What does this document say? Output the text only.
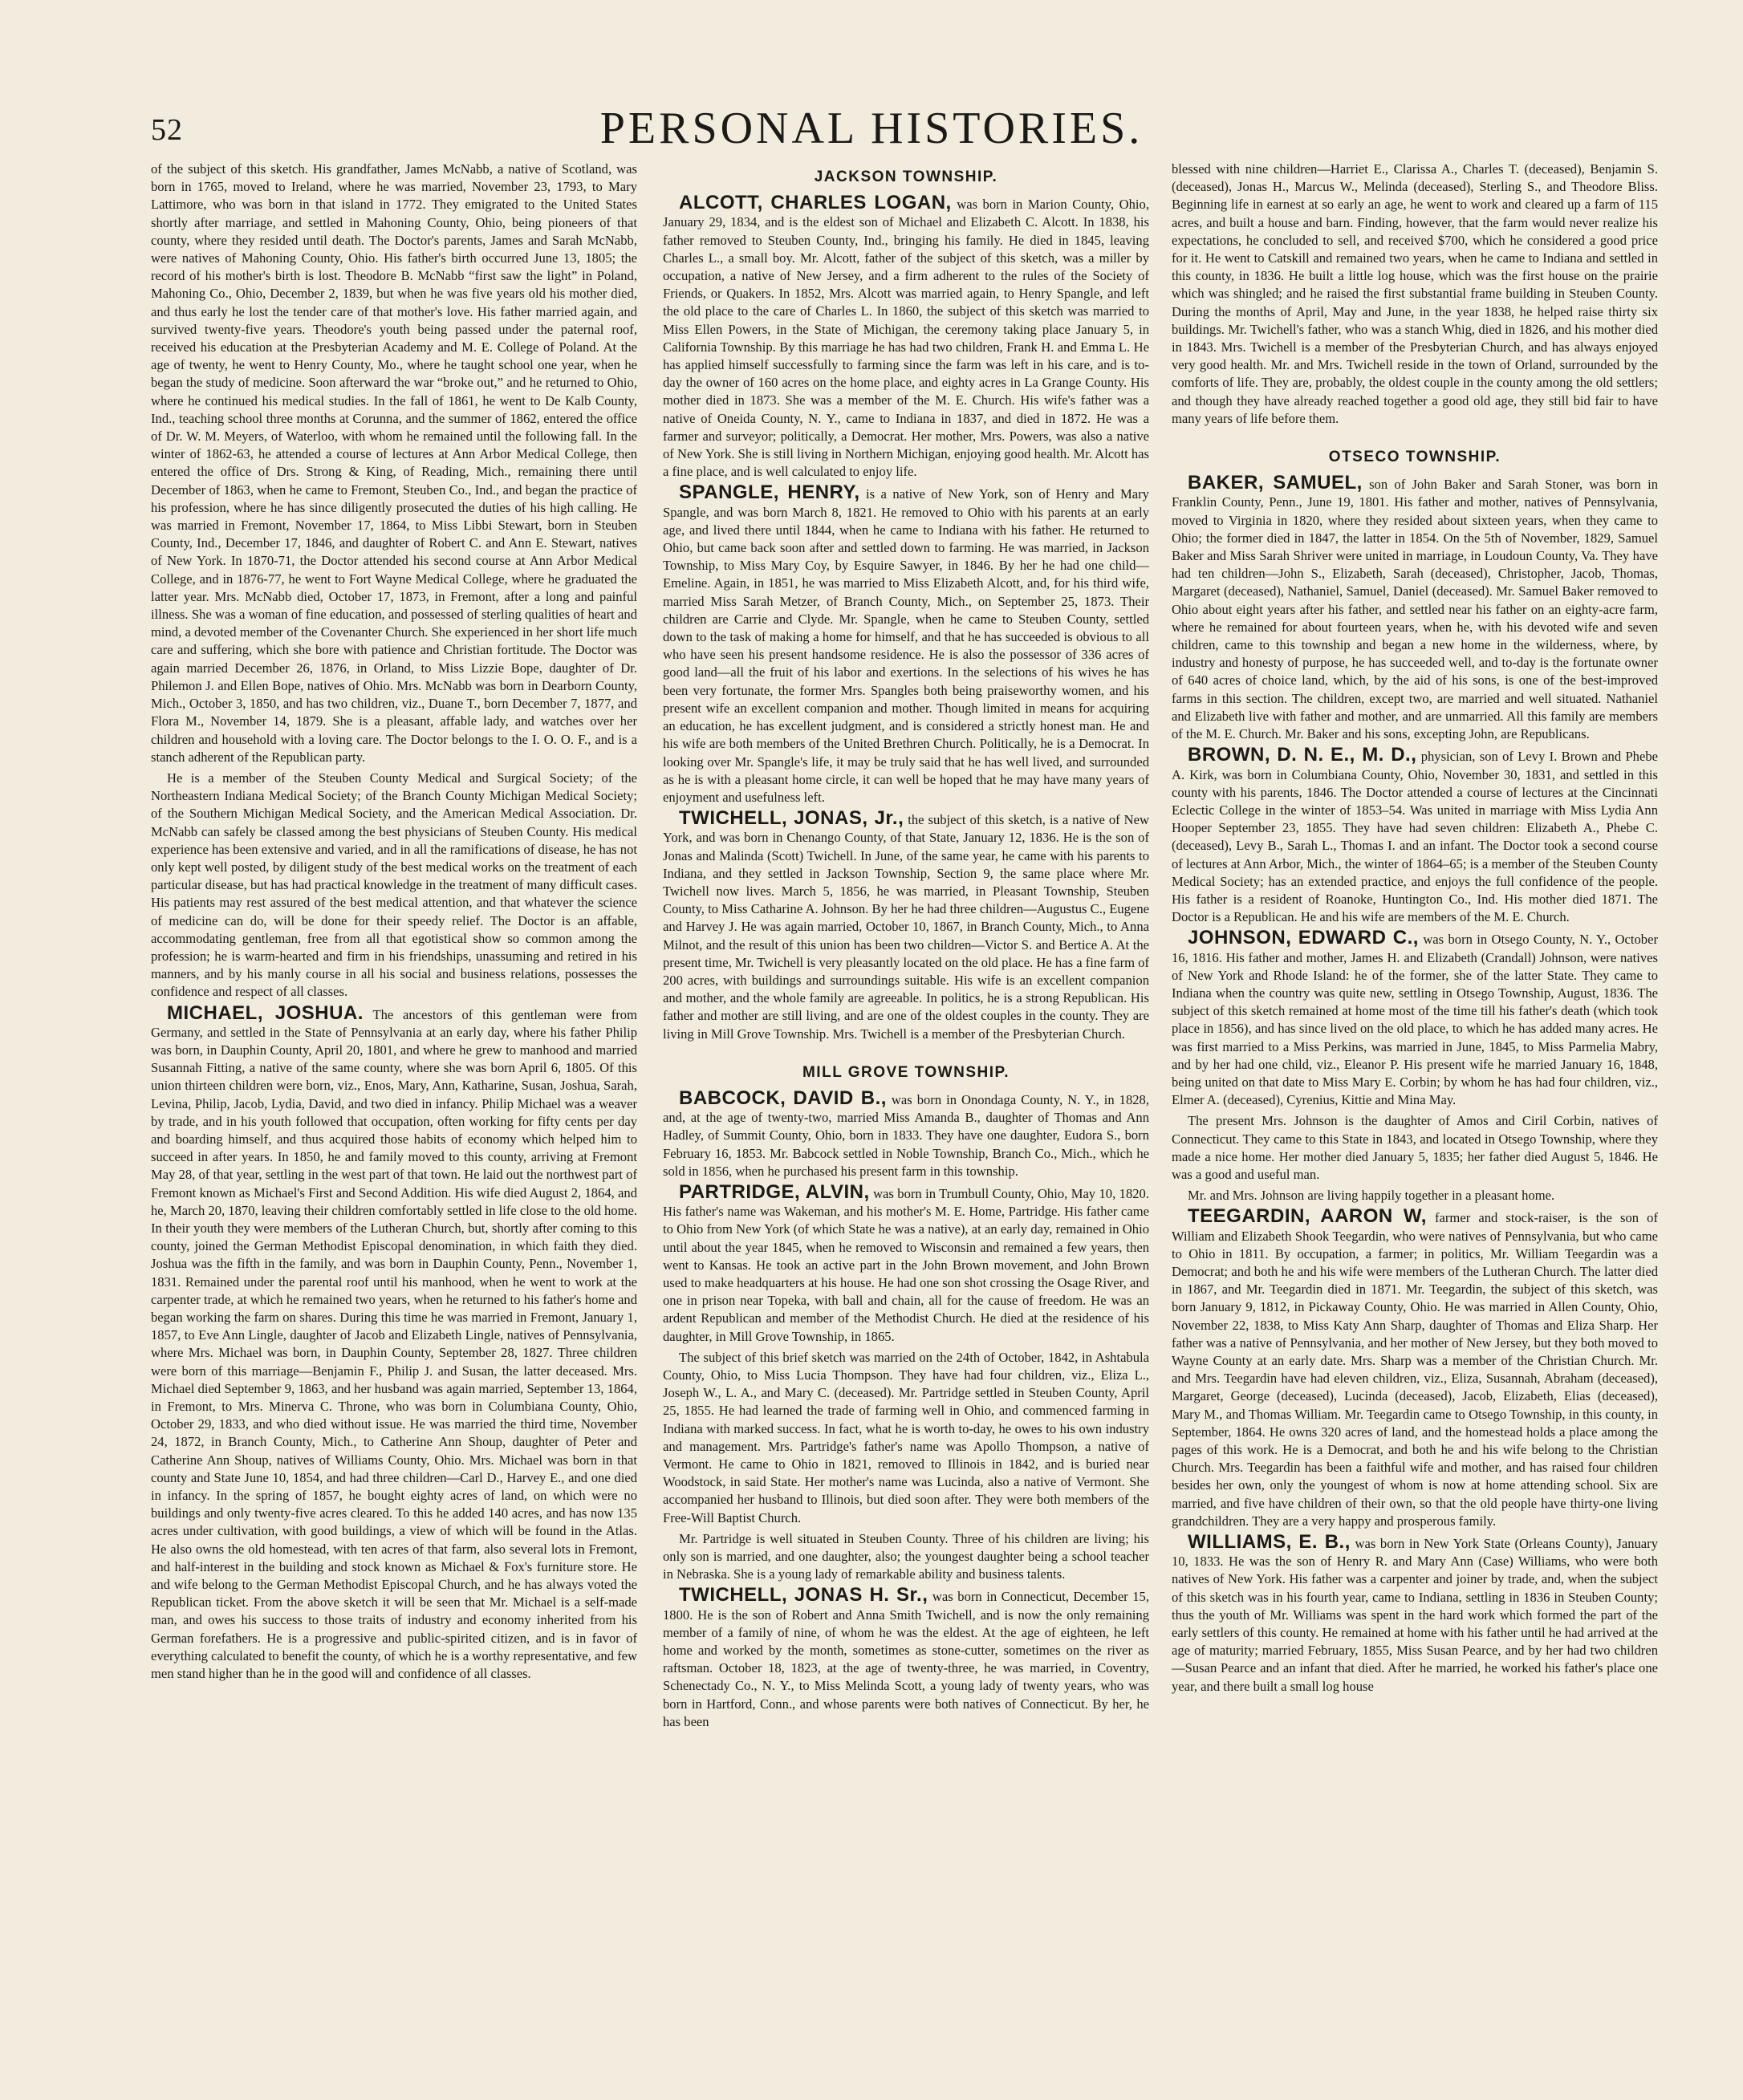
52	PERSONAL HISTORIES.

of the subject of this sketch. His grandfather, James McNabb, a native of Scotland, was born in 1765, moved to Ireland, where he was married, November 23, 1793, to Mary Lattimore, who was born in that island in 1772. They emigrated to the United States shortly after marriage, and settled in Mahoning County, Ohio, being pioneers of that county, where they resided until death. The Doctor's parents, James and Sarah McNabb, were natives of Mahoning County, Ohio. His father's birth occurred June 13, 1805; the record of his mother's birth is lost. Theodore B. McNabb “first saw the light” in Poland, Mahoning Co., Ohio, December 2, 1839, but when he was five years old his mother died, and thus early he lost the tender care of that mother's love. His father married again, and survived twenty-five years. Theodore's youth being passed under the paternal roof, received his education at the Presbyterian Academy and M. E. College of Poland. At the age of twenty, he went to Henry County, Mo., where he taught school one year, when he began the study of medicine. Soon afterward the war “broke out,” and he returned to Ohio, where he continued his medical studies. In the fall of 1861, he went to De Kalb County, Ind., teaching school three months at Corunna, and the summer of 1862, entered the office of Dr. W. M. Meyers, of Waterloo, with whom he remained until the following fall. In the winter of 1862-63, he attended a course of lectures at Ann Arbor Medical College, then entered the office of Drs. Strong & King, of Reading, Mich., remaining there until December of 1863, when he came to Fremont, Steuben Co., Ind., and began the practice of his profession, where he has since diligently prosecuted the duties of his high calling. He was married in Fremont, November 17, 1864, to Miss Libbi Stewart, born in Steuben County, Ind., December 17, 1846, and daughter of Robert C. and Ann E. Stewart, natives of New York. In 1870-71, the Doctor attended his second course at Ann Arbor Medical College, and in 1876-77, he went to Fort Wayne Medical College, where he graduated the latter year. Mrs. McNabb died, October 17, 1873, in Fremont, after a long and painful illness. She was a woman of fine education, and possessed of sterling qualities of heart and mind, a devoted member of the Covenanter Church. She experienced in her short life much care and suffering, which she bore with patience and Christian fortitude. The Doctor was again married December 26, 1876, in Orland, to Miss Lizzie Bope, daughter of Dr. Philemon J. and Ellen Bope, natives of Ohio. Mrs. McNabb was born in Dearborn County, Mich., October 3, 1850, and has two children, viz., Duane T., born December 7, 1877, and Flora M., November 14, 1879. She is a pleasant, affable lady, and watches over her children and household with a loving care. The Doctor belongs to the I. O. O. F., and is a stanch adherent of the Republican party.

He is a member of the Steuben County Medical and Surgical Society; of the Northeastern Indiana Medical Society; of the Branch County Michigan Medical Society; of the Southern Michigan Medical Society, and the American Medical Association. Dr. McNabb can safely be classed among the best physicians of Steuben County. His medical experience has been extensive and varied, and in all the ramifications of disease, he has not only kept well posted, by diligent study of the best medical works on the treatment of each particular disease, but has had practical knowledge in the treatment of many difficult cases. His patients may rest assured of the best medical attention, and that whatever the science of medicine can do, will be done for their speedy relief. The Doctor is an affable, accommodating gentleman, free from all that egotistical show so common among the profession; he is warm-hearted and firm in his friendships, unassuming and retired in his manners, and by his manly course in all his social and business relations, possesses the confidence and respect of all classes.

MICHAEL, JOSHUA. The ancestors of this gentleman were from Germany, and settled in the State of Pennsylvania at an early day, where his father Philip was born, in Dauphin County, April 20, 1801, and where he grew to manhood and married Susannah Fitting, a native of the same county, where she was born April 6, 1805. Of this union thirteen children were born, viz., Enos, Mary, Ann, Katharine, Susan, Joshua, Sarah, Levina, Philip, Jacob, Lydia, David, and two died in infancy. Philip Michael was a weaver by trade, and in his youth followed that occupation, often working for fifty cents per day and boarding himself, and thus acquired those habits of economy which helped him to succeed in after years. In 1850, he and family moved to this county, arriving at Fremont May 28, of that year, settling in the west part of that town. He laid out the northwest part of Fremont known as Michael's First and Second Addition. His wife died August 2, 1864, and he, March 20, 1870, leaving their children comfortably settled in life close to the old home. In their youth they were members of the Lutheran Church, but, shortly after coming to this county, joined the German Methodist Episcopal denomination, in which faith they died. Joshua was the fifth in the family, and was born in Dauphin County, Penn., November 1, 1831. Remained under the parental roof until his manhood, when he went to work at the carpenter trade, at which he remained two years, when he returned to his father's home and began working the farm on shares. During this time he was married in Fremont, January 1, 1857, to Eve Ann Lingle, daughter of Jacob and Elizabeth Lingle, natives of Pennsylvania, where Mrs. Michael was born, in Dauphin County, September 28, 1827. Three children were born of this marriage—Benjamin F., Philip J. and Susan, the latter deceased. Mrs. Michael died September 9, 1863, and her husband was again married, September 13, 1864, in Fremont, to Mrs. Minerva C. Throne, who was born in Columbiana County, Ohio, October 29, 1833, and who died without issue. He was married the third time, November 24, 1872, in Branch County, Mich., to Catherine Ann Shoup, daughter of Peter and Catherine Ann Shoup, natives of Williams County, Ohio. Mrs. Michael was born in that county and State June 10, 1854, and had three children—Carl D., Harvey E., and one died in infancy. In the spring of 1857, he bought eighty acres of land, on which were no buildings and only twenty-five acres cleared. To this he added 140 acres, and has now 135 acres under cultivation, with good buildings, a view of which will be found in the Atlas. He also owns the old homestead, with ten acres of that farm, also several lots in Fremont, and half-interest in the building and stock known as Michael & Fox's furniture store. He and wife belong to the German Methodist Episcopal Church, and he has always voted the Republican ticket. From the above sketch it will be seen that Mr. Michael is a self-made man, and owes his success to those traits of industry and economy inherited from his German forefathers. He is a progressive and public-spirited citizen, and is in favor of everything calculated to benefit the county, of which he is a worthy representative, and few men stand higher than he in the good will and confidence of all classes.
JACKSON TOWNSHIP.
ALCOTT, CHARLES LOGAN, was born in Marion County, Ohio, January 29, 1834, and is the eldest son of Michael and Elizabeth C. Alcott. In 1838, his father removed to Steuben County, Ind., bringing his family. He died in 1845, leaving Charles L., a small boy. Mr. Alcott, father of the subject of this sketch, was a miller by occupation, a native of New Jersey, and a firm adherent to the rules of the Society of Friends, or Quakers. In 1852, Mrs. Alcott was married again, to Henry Spangle, and left the old place to the care of Charles L. In 1860, the subject of this sketch was married to Miss Ellen Powers, in the State of Michigan, the ceremony taking place January 5, in California Township. By this marriage he has had two children, Frank H. and Emma L. He has applied himself successfully to farming since the farm was left in his care, and is to-day the owner of 160 acres on the home place, and eighty acres in La Grange County. His mother died in 1873. She was a member of the M. E. Church. His wife's father was a native of Oneida County, N. Y., came to Indiana in 1837, and died in 1872. He was a farmer and surveyor; politically, a Democrat. Her mother, Mrs. Powers, was also a native of New York. She is still living in Northern Michigan, enjoying good health. Mr. Alcott has a fine place, and is well calculated to enjoy life.
SPANGLE, HENRY, is a native of New York, son of Henry and Mary Spangle, and was born March 8, 1821. He removed to Ohio with his parents at an early age, and lived there until 1844, when he came to Indiana with his father. He returned to Ohio, but came back soon after and settled down to farming. He was married, in Jackson Township, to Miss Mary Coy, by Esquire Sawyer, in 1846. By her he had one child—Emeline. Again, in 1851, he was married to Miss Elizabeth Alcott, and, for his third wife, married Miss Sarah Metzer, of Branch County, Mich., on September 25, 1873. Their children are Carrie and Clyde. Mr. Spangle, when he came to Steuben County, settled down to the task of making a home for himself, and that he has succeeded is obvious to all who have seen his present handsome residence. He is also the possessor of 336 acres of good land—all the fruit of his labor and exertions. In the selections of his wives he has been very fortunate, the former Mrs. Spangles both being praiseworthy women, and his present wife an excellent companion and mother. Though limited in means for acquiring an education, he has excellent judgment, and is considered a strictly honest man. He and his wife are both members of the United Brethren Church. Politically, he is a Democrat. In looking over Mr. Spangle's life, it may be truly said that he has well lived, and surrounded as he is with a pleasant home circle, it can well be hoped that he may have many years of enjoyment and usefulness left.
TWICHELL, JONAS, Jr., the subject of this sketch, is a native of New York, and was born in Chenango County, of that State, January 12, 1836. He is the son of Jonas and Malinda (Scott) Twichell. In June, of the same year, he came with his parents to Indiana, and they settled in Jackson Township, Section 9, the same place where Mr. Twichell now lives. March 5, 1856, he was married, in Pleasant Township, Steuben County, to Miss Catharine A. Johnson. By her he had three children—Augustus C., Eugene and Harvey J. He was again married, October 10, 1867, in Branch County, Mich., to Anna Milnot, and the result of this union has been two children—Victor S. and Bertice A. At the present time, Mr. Twichell is very pleasantly located on the old place. He has a fine farm of 200 acres, with buildings and surroundings suitable. His wife is an excellent companion and mother, and the whole family are agreeable. In politics, he is a strong Republican. His father and mother are still living, and are one of the oldest couples in the county. They are living in Mill Grove Township. Mrs. Twichell is a member of the Presbyterian Church.
MILL GROVE TOWNSHIP.
BABCOCK, DAVID B., was born in Onondaga County, N. Y., in 1828, and, at the age of twenty-two, married Miss Amanda B., daughter of Thomas and Ann Hadley, of Summit County, Ohio, born in 1833. They have one daughter, Eudora S., born February 16, 1853. Mr. Babcock settled in Noble Township, Branch Co., Mich., which he sold in 1856, when he purchased his present farm in this township.
PARTRIDGE, ALVIN, was born in Trumbull County, Ohio, May 10, 1820. His father's name was Wakeman, and his mother's M. E. Home, Partridge. His father came to Ohio from New York (of which State he was a native), at an early day, remained in Ohio until about the year 1845, when he removed to Wisconsin and remained a few years, then went to Kansas. He took an active part in the John Brown movement, and John Brown used to make headquarters at his house. He had one son shot crossing the Osage River, and one in prison near Topeka, with ball and chain, all for the cause of freedom. He was an ardent Republican and member of the Methodist Church. He died at the residence of his daughter, in Mill Grove Township, in 1865.

The subject of this brief sketch was married on the 24th of October, 1842, in Ashtabula County, Ohio, to Miss Lucia Thompson. They have had four children, viz., Eliza L., Joseph W., L. A., and Mary C. (deceased). Mr. Partridge settled in Steuben County, April 25, 1855. He had learned the trade of farming well in Ohio, and commenced farming in Indiana with marked success. In fact, what he is worth to-day, he owes to his own industry and management. Mrs. Partridge's father's name was Apollo Thompson, a native of Vermont. He came to Ohio in 1821, removed to Illinois in 1842, and is buried near Woodstock, in said State. Her mother's name was Lucinda, also a native of Vermont. She accompanied her husband to Illinois, but died soon after. They were both members of the Free-Will Baptist Church.

Mr. Partridge is well situated in Steuben County. Three of his children are living; his only son is married, and one daughter, also; the youngest daughter being a school teacher in Nebraska. She is a young lady of remarkable ability and business talents.

TWICHELL, JONAS H. Sr., was born in Connecticut, December 15, 1800. He is the son of Robert and Anna Smith Twichell, and is now the only remaining member of a family of nine, of whom he was the eldest. At the age of eighteen, he left home and worked by the month, sometimes as stone-cutter, sometimes on the river as raftsman. October 18, 1823, at the age of twenty-three, he was married, in Coventry, Schenectady Co., N. Y., to Miss Melinda Scott, a young lady of twenty years, who was born in Hartford, Conn., and whose parents were both natives of Connecticut. By her, he has been

blessed with nine children—Harriet E., Clarissa A., Charles T. (deceased), Benjamin S. (deceased), Jonas H., Marcus W., Melinda (deceased), Sterling S., and Theodore Bliss. Beginning life in earnest at so early an age, he went to work and cleared up a farm of 115 acres, and built a house and barn. Finding, however, that the farm would never realize his expectations, he concluded to sell, and received $700, which he considered a good price for it. He went to Catskill and remained two years, when he came to Indiana and settled in this county, in 1836. He built a little log house, which was the first house on the prairie which was shingled; and he raised the first substantial frame building in Steuben County. During the months of April, May and June, in the year 1838, he helped raise thirty six buildings. Mr. Twichell's father, who was a stanch Whig, died in 1826, and his mother died in 1843. Mrs. Twichell is a member of the Presbyterian Church, and has always enjoyed very good health. Mr. and Mrs. Twichell reside in the town of Orland, surrounded by the comforts of life. They are, probably, the oldest couple in the county among the old settlers; and though they have already reached together a good old age, they still bid fair to have many years of life before them.

OTSECO TOWNSHIP.
BAKER, SAMUEL, son of John Baker and Sarah Stoner, was born in Franklin County, Penn., June 19, 1801. His father and mother, natives of Pennsylvania, moved to Virginia in 1820, where they resided about sixteen years, when they came to Ohio; the former died in 1847, the latter in 1854. On the 5th of November, 1829, Samuel Baker and Miss Sarah Shriver were united in marriage, in Loudoun County, Va. They have had ten children—John S., Elizabeth, Sarah (deceased), Christopher, Jacob, Thomas, Margaret (deceased), Nathaniel, Samuel, Daniel (deceased). Mr. Samuel Baker removed to Ohio about eight years after his father, and settled near his father on an eighty-acre farm, where he remained for about fourteen years, when he, with his devoted wife and seven children, came to this township and began a new home in the wilderness, where, by industry and honesty of purpose, he has succeeded well, and to-day is the fortunate owner of 640 acres of choice land, which, by the aid of his sons, is one of the best-improved farms in this section. The children, except two, are married and well situated. Nathaniel and Elizabeth live with father and mother, and are unmarried. All this family are members of the M. E. Church. Mr. Baker and his sons, excepting John, are Republicans.
BROWN, D. N. E., M. D., physician, son of Levy I. Brown and Phebe A. Kirk, was born in Columbiana County, Ohio, November 30, 1831, and settled in this county with his parents, 1846. The Doctor attended a course of lectures at the Cincinnati Eclectic College in the winter of 1853–54. Was united in marriage with Miss Lydia Ann Hooper September 23, 1855. They have had seven children: Elizabeth A., Phebe C. (deceased), Levy B., Sarah L., Thomas I. and an infant. The Doctor took a second course of lectures at Ann Arbor, Mich., the winter of 1864–65; is a member of the Steuben County Medical Society; has an extended practice, and enjoys the full confidence of the people. His father is a resident of Roanoke, Huntington Co., Ind. His mother died 1871. The Doctor is a Republican. He and his wife are members of the M. E. Church.
JOHNSON, EDWARD C., was born in Otsego County, N. Y., October 16, 1816. His father and mother, James H. and Elizabeth (Crandall) Johnson, were natives of New York and Rhode Island: he of the former, she of the latter State. They came to Indiana when the country was quite new, settling in Otsego Township, August, 1836. The subject of this sketch remained at home most of the time till his father's death (which took place in 1856), and has since lived on the old place, to which he has added many acres. He was first married to a Miss Perkins, was married in June, 1845, to Miss Parmelia Mabry, and by her had one child, viz., Eleanor P. His present wife he married January 16, 1848, being united on that date to Miss Mary E. Corbin; by whom he has had four children, viz., Elmer A. (deceased), Cyrenius, Kittie and Mina May.

The present Mrs. Johnson is the daughter of Amos and Ciril Corbin, natives of Connecticut. They came to this State in 1843, and located in Otsego Township, where they made a nice home. Her mother died January 5, 1835; her father died August 5, 1846. He was a good and useful man.

Mr. and Mrs. Johnson are living happily together in a pleasant home.

TEEGARDIN, AARON W, farmer and stock-raiser, is the son of William and Elizabeth Shook Teegardin, who were natives of Pennsylvania, but who came to Ohio in 1811. By occupation, a farmer; in politics, Mr. William Teegardin was a Democrat; and both he and his wife were members of the Lutheran Church. The latter died in 1867, and Mr. Teegardin died in 1871. Mr. Teegardin, the subject of this sketch, was born January 9, 1812, in Pickaway County, Ohio. He was married in Allen County, Ohio, November 22, 1838, to Miss Katy Ann Sharp, daughter of Thomas and Eliza Sharp. Her father was a native of Pennsylvania, and her mother of New Jersey, but they both moved to Wayne County at an early date. Mrs. Sharp was a member of the Christian Church. Mr. and Mrs. Teegardin have had eleven children, viz., Eliza, Susannah, Abraham (deceased), Margaret, George (deceased), Lucinda (deceased), Jacob, Elizabeth, Elias (deceased), Mary M., and Thomas William. Mr. Teegardin came to Otsego Township, in this county, in September, 1864. He owns 320 acres of land, and the homestead holds a place among the pages of this work. He is a Democrat, and both he and his wife belong to the Christian Church. Mrs. Teegardin has been a faithful wife and mother, and has raised four children besides her own, only the youngest of whom is now at home attending school. Six are married, and five have children of their own, so that the old people have thirty-one living grandchildren. They are a very happy and prosperous family.
WILLIAMS, E. B., was born in New York State (Orleans County), January 10, 1833. He was the son of Henry R. and Mary Ann (Case) Williams, who were both natives of New York. His father was a carpenter and joiner by trade, and, when the subject of this sketch was in his fourth year, came to Indiana, settling in 1836 in Steuben County; thus the youth of Mr. Williams was spent in the hard work which formed the part of the early settlers of this county. He remained at home with his father until he had arrived at the age of maturity; married February, 1855, Miss Susan Pearce, and by her had two children—Susan Pearce and an infant that died. After he married, he worked his father's place one year, and there built a small log house
